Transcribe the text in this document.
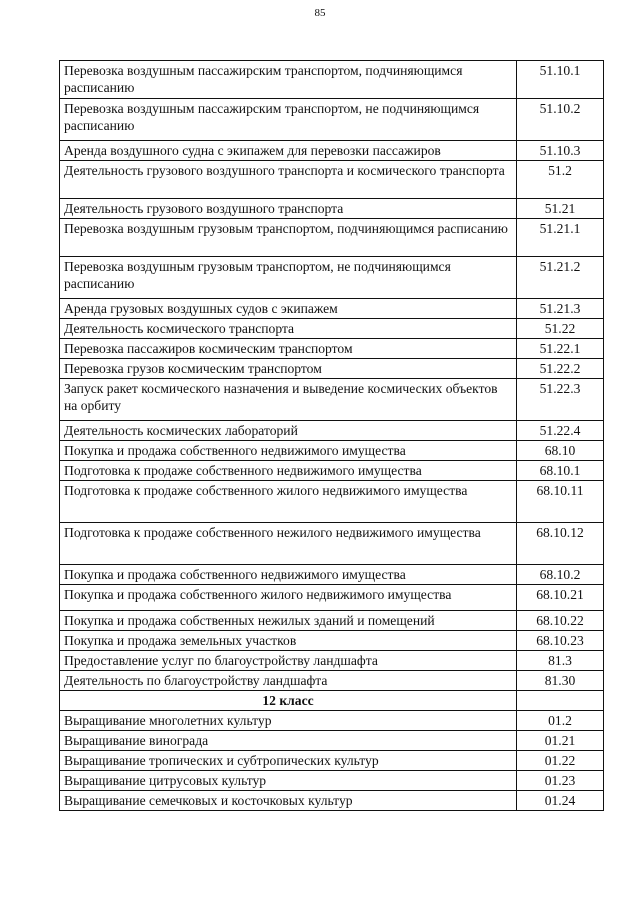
85
Перевозка воздушным пассажирским транспортом, подчиняющимся расписанию	51.10.1
Перевозка воздушным пассажирским транспортом, не подчиняющимся расписанию	51.10.2
Аренда воздушного судна с экипажем для перевозки пассажиров	51.10.3
Деятельность грузового воздушного транспорта и космического транспорта	51.2
Деятельность грузового воздушного транспорта	51.21
Перевозка воздушным грузовым транспортом, подчиняющимся расписанию	51.21.1
Перевозка воздушным грузовым транспортом, не подчиняющимся расписанию	51.21.2
Аренда грузовых воздушных судов с экипажем	51.21.3
Деятельность космического транспорта	51.22
Перевозка пассажиров космическим транспортом	51.22.1
Перевозка грузов космическим транспортом	51.22.2
Запуск ракет космического назначения и выведение космических объектов на орбиту	51.22.3
Деятельность космических лабораторий	51.22.4
Покупка и продажа собственного недвижимого имущества	68.10
Подготовка к продаже собственного недвижимого имущества	68.10.1
Подготовка к продаже собственного жилого недвижимого имущества	68.10.11
Подготовка к продаже собственного нежилого недвижимого имущества	68.10.12
Покупка и продажа собственного недвижимого имущества	68.10.2
Покупка и продажа собственного жилого недвижимого имущества	68.10.21
Покупка и продажа собственных нежилых зданий и помещений	68.10.22
Покупка и продажа земельных участков	68.10.23
Предоставление услуг по благоустройству ландшафта	81.3
Деятельность по благоустройству ландшафта	81.30
12 класс	
Выращивание многолетних культур	01.2
Выращивание винограда	01.21
Выращивание тропических и субтропических культур	01.22
Выращивание цитрусовых культур	01.23
Выращивание семечковых и косточковых культур	01.24
